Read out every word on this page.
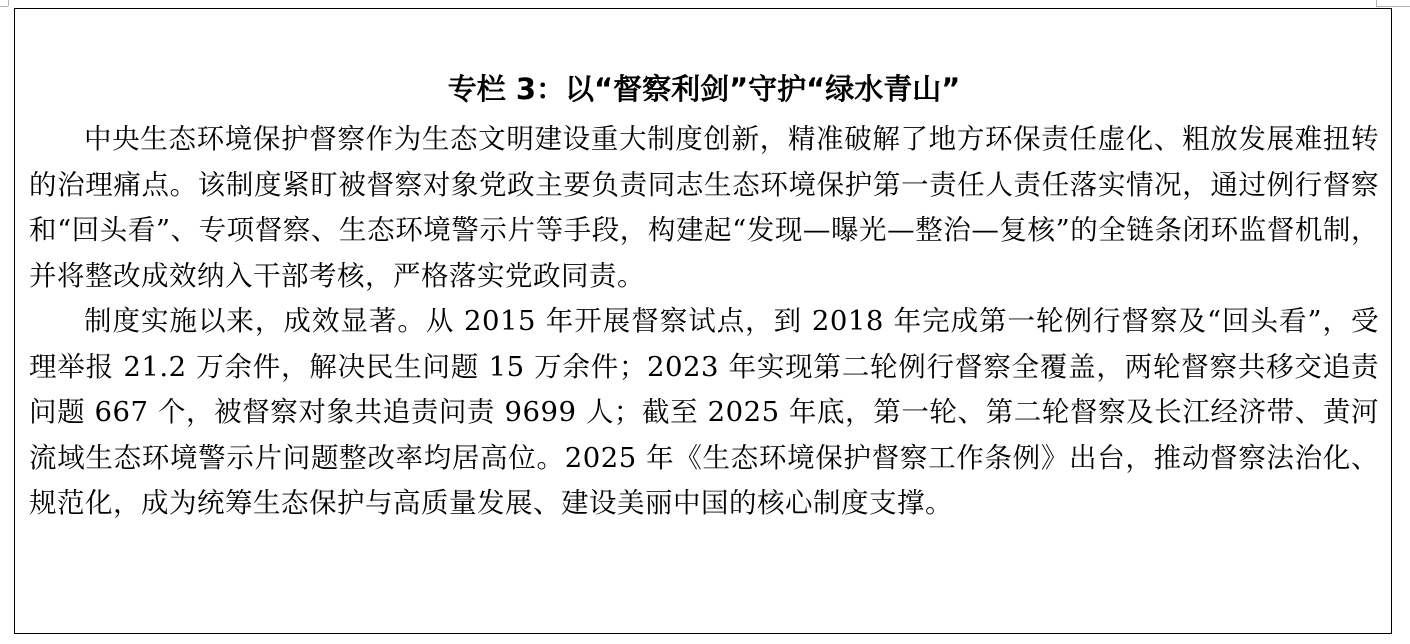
专栏 3：以“督察利剑”守护“绿水青山”

中央生态环境保护督察作为生态文明建设重大制度创新，精准破解了地方环保责任虚化、粗放发展难扭转的治理痛点。该制度紧盯被督察对象党政主要负责同志生态环境保护第一责任人责任落实情况，通过例行督察和“回头看”、专项督察、生态环境警示片等手段，构建起“发现—曝光—整治—复核”的全链条闭环监督机制，并将整改成效纳入干部考核，严格落实党政同责。

制度实施以来，成效显著。从 2015 年开展督察试点，到 2018 年完成第一轮例行督察及“回头看”，受理举报 21.2 万余件，解决民生问题 15 万余件；2023 年实现第二轮例行督察全覆盖，两轮督察共移交追责问题 667 个，被督察对象共追责问责 9699 人；截至 2025 年底，第一轮、第二轮督察及长江经济带、黄河流域生态环境警示片问题整改率均居高位。2025 年《生态环境保护督察工作条例》出台，推动督察法治化、规范化，成为统筹生态保护与高质量发展、建设美丽中国的核心制度支撑。
